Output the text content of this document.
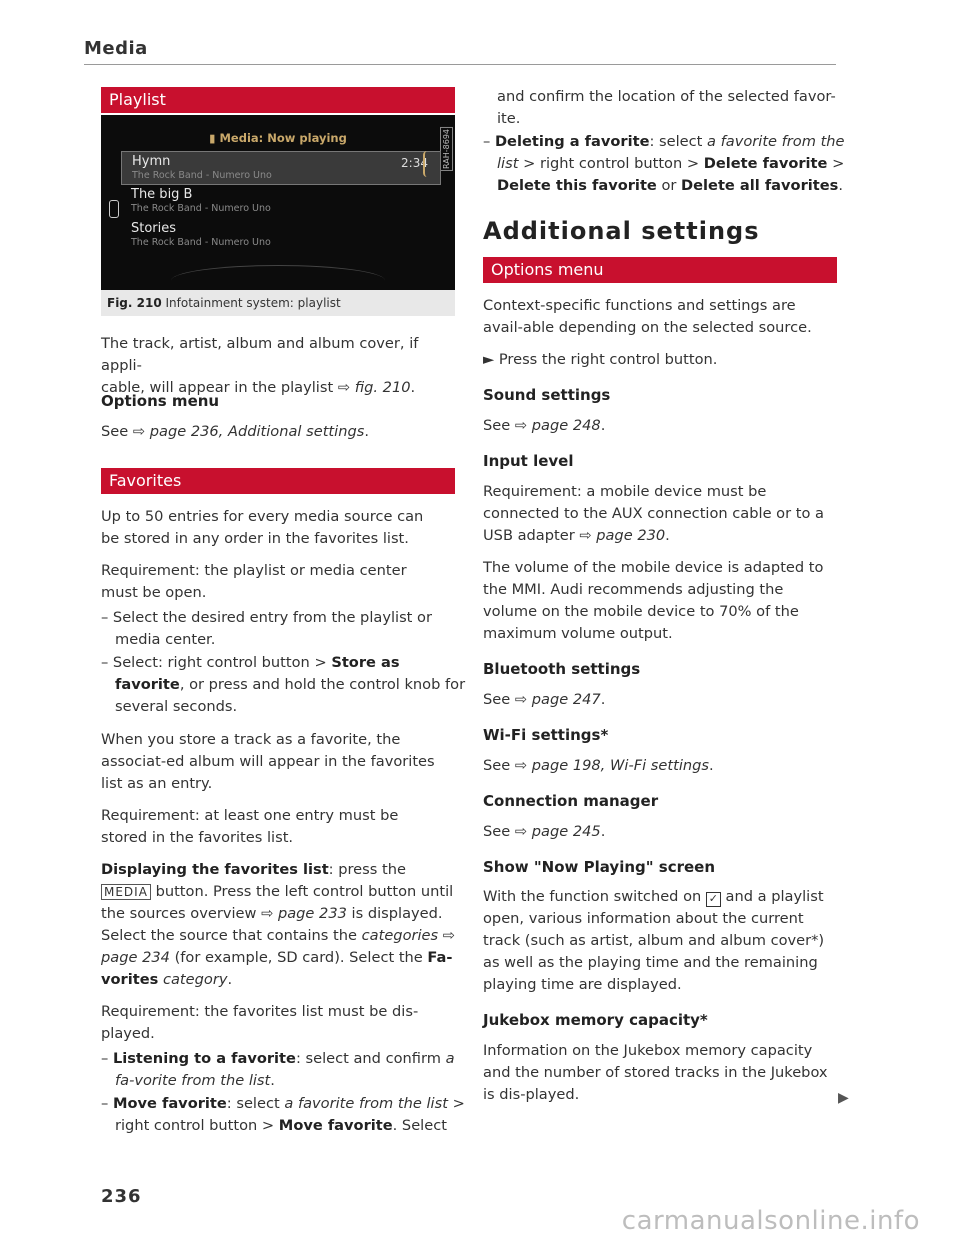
Media
Playlist
▮ Media: Now playing	RAH-8694
Hymn
The Rock Band - Numero Uno
2:34
The big B
The Rock Band - Numero Uno
Stories
The Rock Band - Numero Uno
Fig. 210 Infotainment system: playlist

The track, artist, album and album cover, if appli-
cable, will appear in the playlist ⇨ fig. 210.

Options menu

See ⇨ page 236, Additional settings.

Favorites

Up to 50 entries for every media source can be stored in any order in the favorites list.

Requirement: the playlist or media center must be open.

– Select the desired entry from the playlist or media center.

– Select: right control button > Store as favorite, or press and hold the control knob for several seconds.

When you store a track as a favorite, the associat-ed album will appear in the favorites list as an entry.

Requirement: at least one entry must be stored in the favorites list.

Displaying the favorites list: press the MEDIA button. Press the left control button until the sources overview ⇨ page 233 is displayed. Select the source that contains the categories ⇨ page 234 (for example, SD card). Select the Fa-vorites category.

Requirement: the favorites list must be dis-played.

– Listening to a favorite: select and confirm a fa-vorite from the list.

– Move favorite: select a favorite from the list > right control button > Move favorite. Select

and confirm the location of the selected favor-ite.

– Deleting a favorite: select a favorite from the list > right control button > Delete favorite > Delete this favorite or Delete all favorites.

Additional settings
Options menu

Context-specific functions and settings are avail-able depending on the selected source.

► Press the right control button.

Sound settings

See ⇨ page 248.

Input level

Requirement: a mobile device must be connected to the AUX connection cable or to a USB adapter ⇨ page 230.

The volume of the mobile device is adapted to the MMI. Audi recommends adjusting the volume on the mobile device to 70% of the maximum volume output.

Bluetooth settings

See ⇨ page 247.

Wi-Fi settings*

See ⇨ page 198, Wi-Fi settings.

Connection manager

See ⇨ page 245.

Show "Now Playing" screen

With the function switched on ✓ and a playlist open, various information about the current track (such as artist, album and album cover*) as well as the playing time and the remaining playing time are displayed.

Jukebox memory capacity*

Information on the Jukebox memory capacity and the number of stored tracks in the Jukebox is dis-played.	▶
236
carmanualsonline.info
